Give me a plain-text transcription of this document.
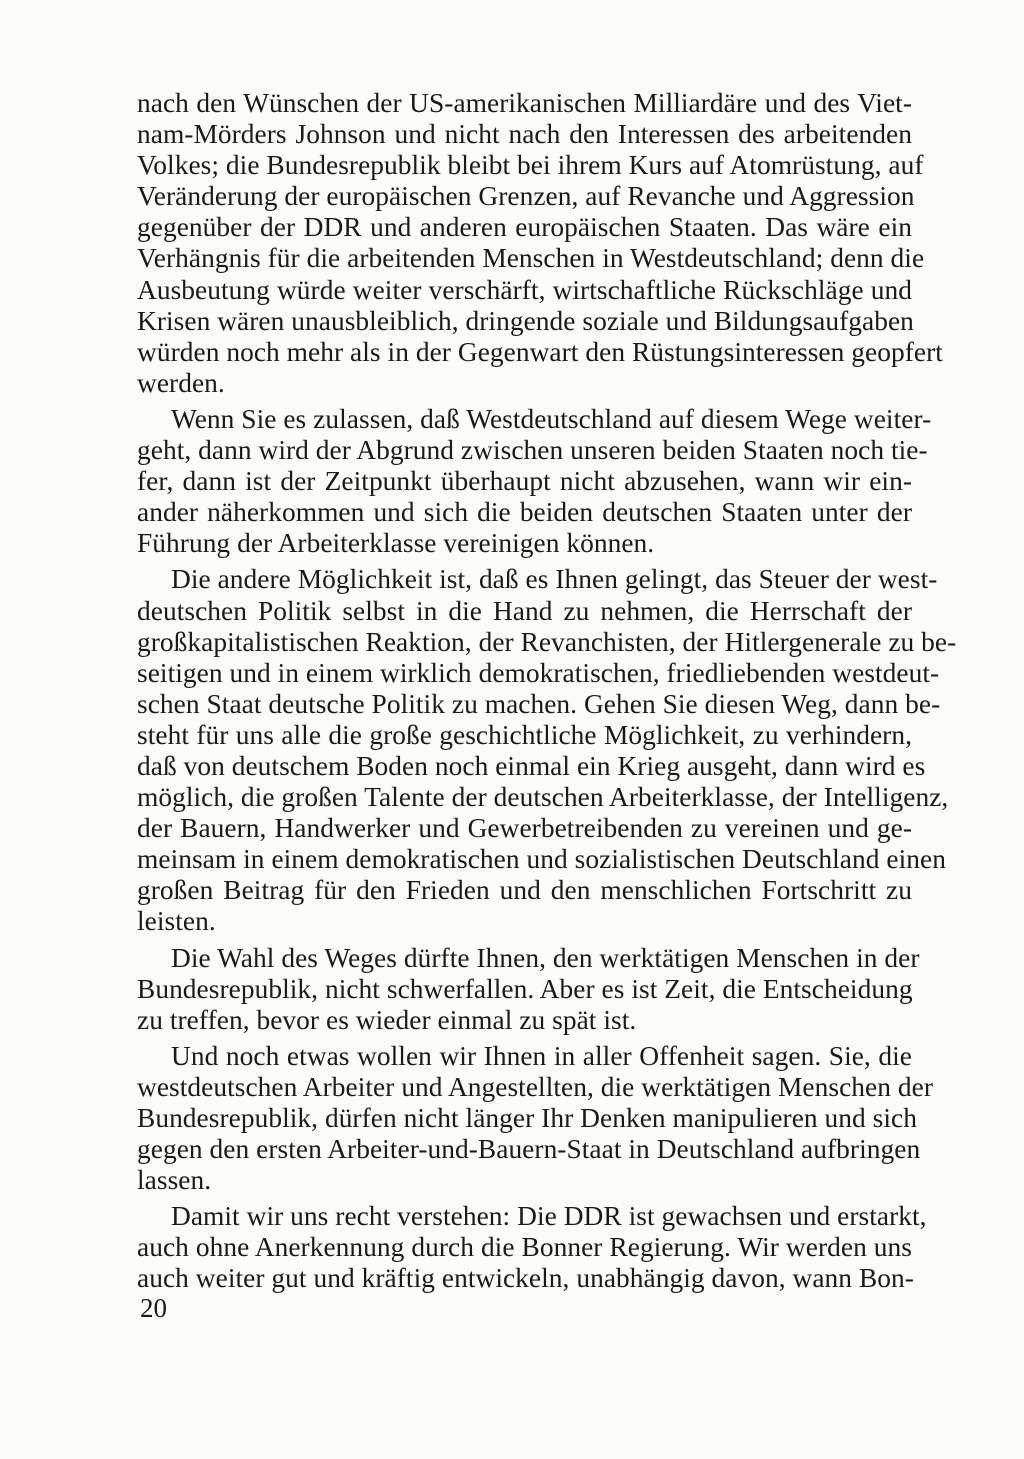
nach den Wünschen der US-amerikanischen Milliardäre und des Viet-
nam-Mörders Johnson und nicht nach den Interessen des arbeitenden
Volkes; die Bundesrepublik bleibt bei ihrem Kurs auf Atomrüstung, auf
Veränderung der europäischen Grenzen, auf Revanche und Aggression
gegenüber der DDR und anderen europäischen Staaten. Das wäre ein
Verhängnis für die arbeitenden Menschen in Westdeutschland; denn die
Ausbeutung würde weiter verschärft, wirtschaftliche Rückschläge und
Krisen wären unausbleiblich, dringende soziale und Bildungsaufgaben
würden noch mehr als in der Gegenwart den Rüstungsinteressen geopfert
werden.

Wenn Sie es zulassen, daß Westdeutschland auf diesem Wege weiter-
geht, dann wird der Abgrund zwischen unseren beiden Staaten noch tie-
fer, dann ist der Zeitpunkt überhaupt nicht abzusehen, wann wir ein-
ander näherkommen und sich die beiden deutschen Staaten unter der
Führung der Arbeiterklasse vereinigen können.

Die andere Möglichkeit ist, daß es Ihnen gelingt, das Steuer der west-
deutschen Politik selbst in die Hand zu nehmen, die Herrschaft der
großkapitalistischen Reaktion, der Revanchisten, der Hitlergenerale zu be-
seitigen und in einem wirklich demokratischen, friedliebenden westdeut-
schen Staat deutsche Politik zu machen. Gehen Sie diesen Weg, dann be-
steht für uns alle die große geschichtliche Möglichkeit, zu verhindern,
daß von deutschem Boden noch einmal ein Krieg ausgeht, dann wird es
möglich, die großen Talente der deutschen Arbeiterklasse, der Intelligenz,
der Bauern, Handwerker und Gewerbetreibenden zu vereinen und ge-
meinsam in einem demokratischen und sozialistischen Deutschland einen
großen Beitrag für den Frieden und den menschlichen Fortschritt zu
leisten.

Die Wahl des Weges dürfte Ihnen, den werktätigen Menschen in der
Bundesrepublik, nicht schwerfallen. Aber es ist Zeit, die Entscheidung
zu treffen, bevor es wieder einmal zu spät ist.

Und noch etwas wollen wir Ihnen in aller Offenheit sagen. Sie, die
westdeutschen Arbeiter und Angestellten, die werktätigen Menschen der
Bundesrepublik, dürfen nicht länger Ihr Denken manipulieren und sich
gegen den ersten Arbeiter-und-Bauern-Staat in Deutschland aufbringen
lassen.

Damit wir uns recht verstehen: Die DDR ist gewachsen und erstarkt,
auch ohne Anerkennung durch die Bonner Regierung. Wir werden uns
auch weiter gut und kräftig entwickeln, unabhängig davon, wann Bon-

20
